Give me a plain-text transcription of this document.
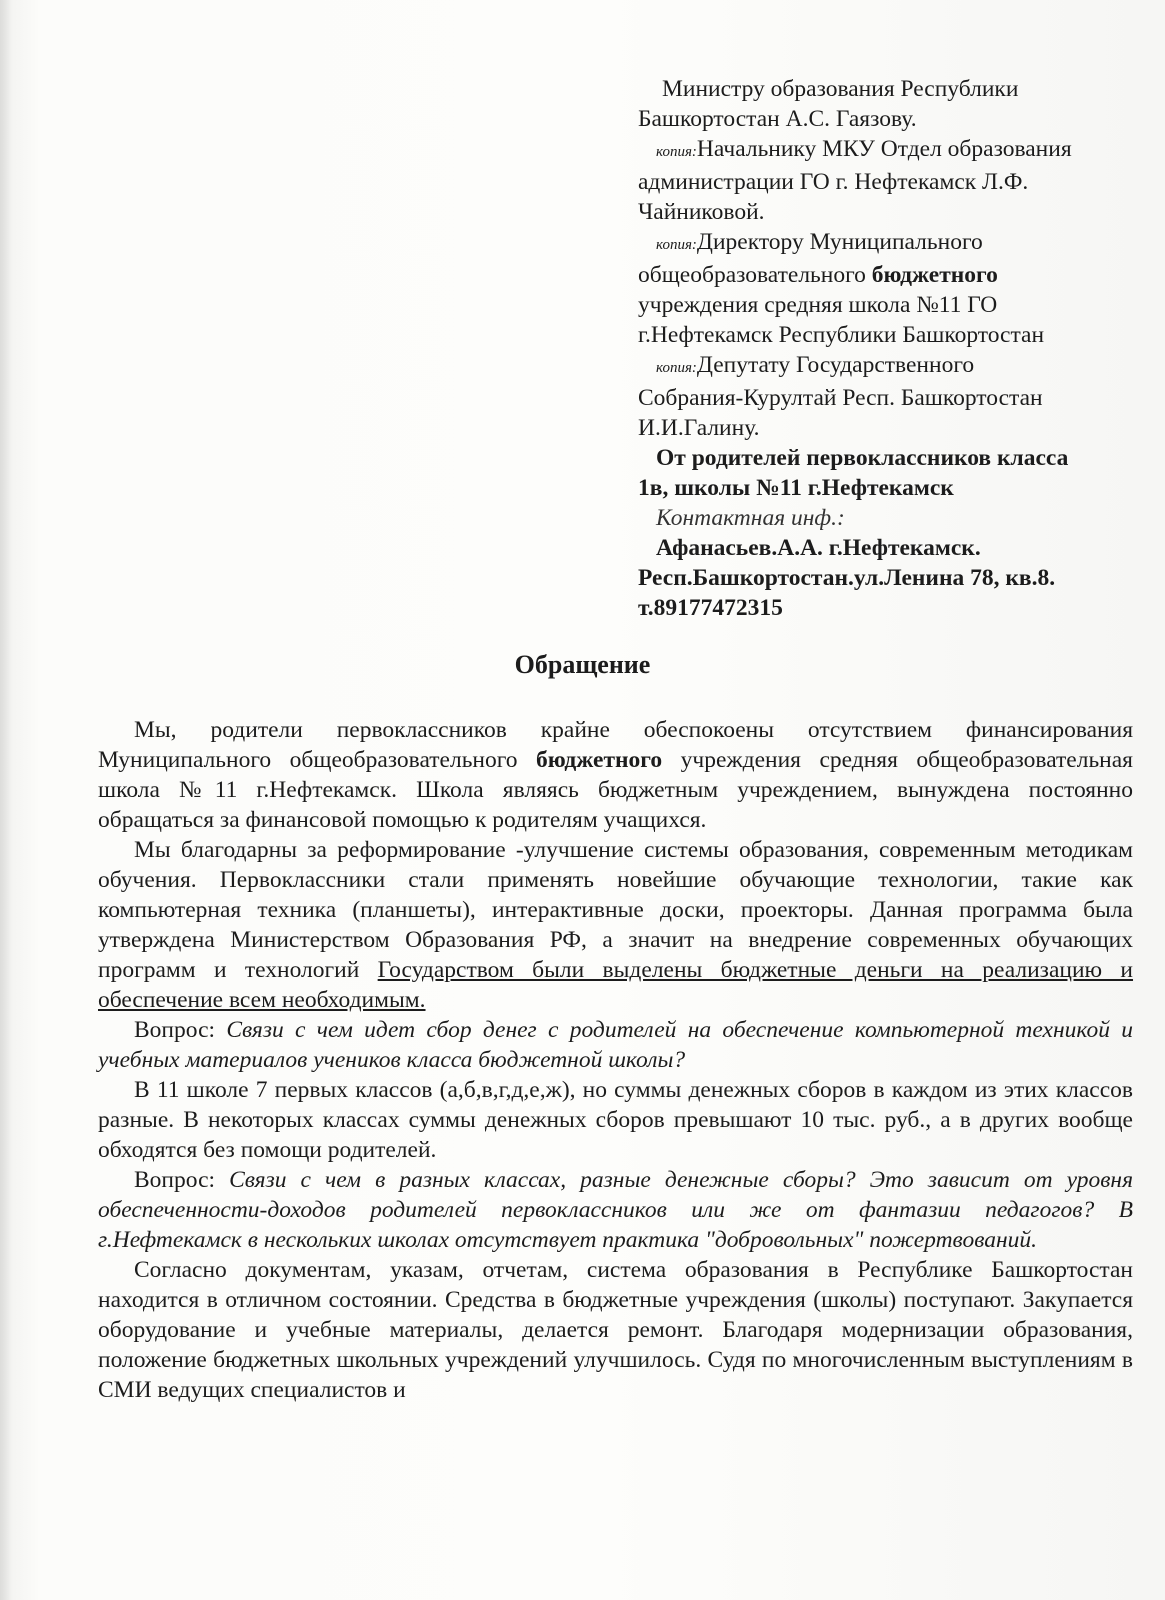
Министру образования Республики
Башкортостан А.С. Гаязову.
копия:Начальнику МКУ Отдел образования
администрации ГО г. Нефтекамск Л.Ф.
Чайниковой.
копия:Директору Муниципального
общеобразовательного бюджетного
учреждения средняя школа №11 ГО
г.Нефтекамск Республики Башкортостан
копия:Депутату Государственного
Собрания-Курултай Респ. Башкортостан
И.И.Галину.
От родителей первоклассников класса
1в, школы №11 г.Нефтекамск
Контактная инф.:
Афанасьев.А.А. г.Нефтекамск.
Респ.Башкортостан.ул.Ленина 78, кв.8.
т.89177472315
Обращение

Мы, родители первоклассников крайне обеспокоены отсутствием финансирования Муниципального общеобразовательного бюджетного учреждения средняя общеобразовательная школа №11 г.Нефтекамск. Школа являясь бюджетным учреждением, вынуждена постоянно обращаться за финансовой помощью к родителям учащихся.

Мы благодарны за реформирование -улучшение системы образования, современным методикам обучения. Первоклассники стали применять новейшие обучающие технологии, такие как компьютерная техника (планшеты), интерактивные доски, проекторы. Данная программа была утверждена Министерством Образования РФ, а значит на внедрение современных обучающих программ и технологий Государством были выделены бюджетные деньги на реализацию и обеспечение всем необходимым.

Вопрос: Связи с чем идет сбор денег с родителей на обеспечение компьютерной техникой и учебных материалов учеников класса бюджетной школы?

В 11 школе 7 первых классов (а,б,в,г,д,е,ж), но суммы денежных сборов в каждом из этих классов разные. В некоторых классах суммы денежных сборов превышают 10 тыс. руб., а в других вообще обходятся без помощи родителей.

Вопрос: Связи с чем в разных классах, разные денежные сборы? Это зависит от уровня обеспеченности-доходов родителей первоклассников или же от фантазии педагогов? В г.Нефтекамск в нескольких школах отсутствует практика "добровольных" пожертвований.

Согласно документам, указам, отчетам, система образования в Республике Башкортостан находится в отличном состоянии. Средства в бюджетные учреждения (школы) поступают. Закупается оборудование и учебные материалы, делается ремонт. Благодаря модернизации образования, положение бюджетных школьных учреждений улучшилось. Судя по многочисленным выступлениям в СМИ ведущих специалистов и
